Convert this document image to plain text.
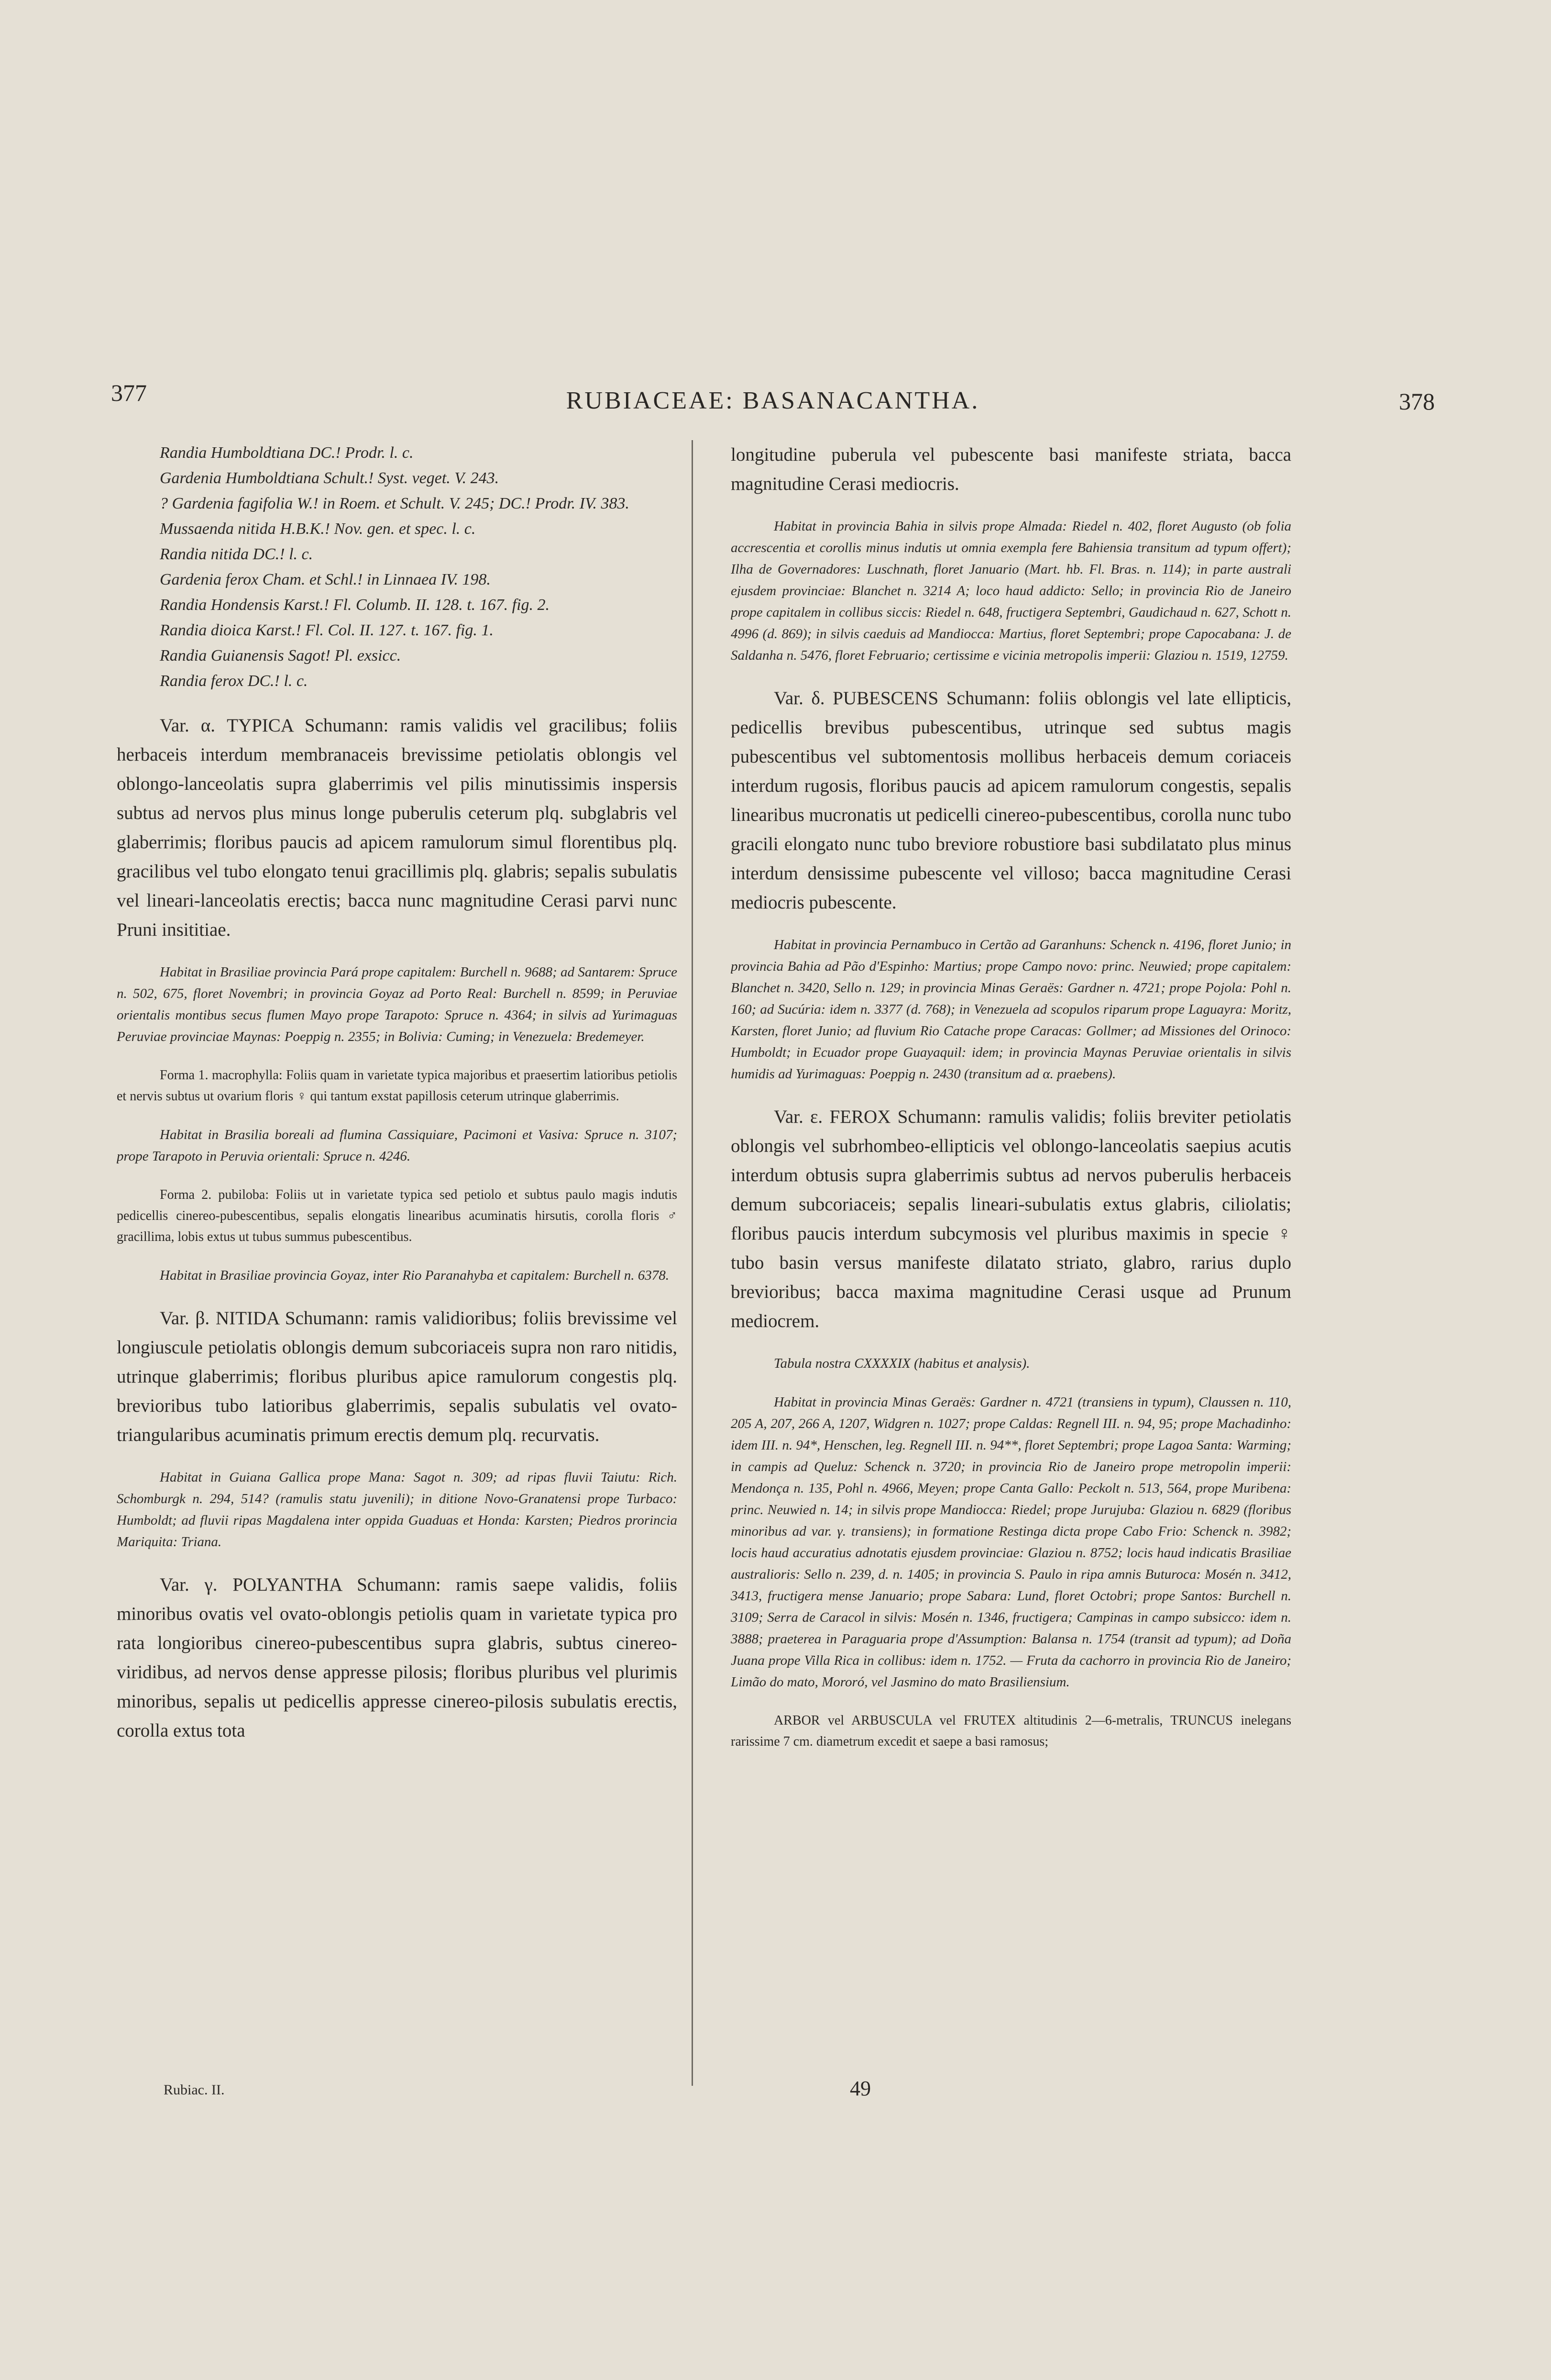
377	RUBIACEAE: BASANACANTHA.	378

Randia Humboldtiana DC.! Prodr. l. c.

Gardenia Humboldtiana Schult.! Syst. veget. V. 243.

? Gardenia fagifolia W.! in Roem. et Schult. V. 245; DC.! Prodr. IV. 383.

Mussaenda nitida H.B.K.! Nov. gen. et spec. l. c.

Randia nitida DC.! l. c.

Gardenia ferox Cham. et Schl.! in Linnaea IV. 198.

Randia Hondensis Karst.! Fl. Columb. II. 128. t. 167. fig. 2.

Randia dioica Karst.! Fl. Col. II. 127. t. 167. fig. 1.

Randia Guianensis Sagot! Pl. exsicc.

Randia ferox DC.! l. c.

Var. α. TYPICA Schumann: ramis validis vel gracilibus; foliis herbaceis interdum membranaceis brevissime petiolatis oblongis vel oblongo-lanceolatis supra glaberrimis vel pilis minutissimis inspersis subtus ad nervos plus minus longe puberulis ceterum plq. subglabris vel glaberrimis; floribus paucis ad apicem ramulorum simul florentibus plq. gracilibus vel tubo elongato tenui gracillimis plq. glabris; sepalis subulatis vel lineari-lanceolatis erectis; bacca nunc magnitudine Cerasi parvi nunc Pruni insititiae.

Habitat in Brasiliae provincia Pará prope capitalem: Burchell n. 9688; ad Santarem: Spruce n. 502, 675, floret Novembri; in provincia Goyaz ad Porto Real: Burchell n. 8599; in Peruviae orientalis montibus secus flumen Mayo prope Tarapoto: Spruce n. 4364; in silvis ad Yurimaguas Peruviae provinciae Maynas: Poeppig n. 2355; in Bolivia: Cuming; in Venezuela: Bredemeyer.

Forma 1. macrophylla: Foliis quam in varietate typica majoribus et praesertim latioribus petiolis et nervis subtus ut ovarium floris ♀ qui tantum exstat papillosis ceterum utrinque glaberrimis.

Habitat in Brasilia boreali ad flumina Cassiquiare, Pacimoni et Vasiva: Spruce n. 3107; prope Tarapoto in Peruvia orientali: Spruce n. 4246.

Forma 2. pubiloba: Foliis ut in varietate typica sed petiolo et subtus paulo magis indutis pedicellis cinereo-pubescentibus, sepalis elongatis linearibus acuminatis hirsutis, corolla floris ♂ gracillima, lobis extus ut tubus summus pubescentibus.

Habitat in Brasiliae provincia Goyaz, inter Rio Paranahyba et capitalem: Burchell n. 6378.

Var. β. NITIDA Schumann: ramis validioribus; foliis brevissime vel longiuscule petiolatis oblongis demum subcoriaceis supra non raro nitidis, utrinque glaberrimis; floribus pluribus apice ramulorum congestis plq. brevioribus tubo latioribus glaberrimis, sepalis subulatis vel ovato-triangularibus acuminatis primum erectis demum plq. recurvatis.

Habitat in Guiana Gallica prope Mana: Sagot n. 309; ad ripas fluvii Taiutu: Rich. Schomburgk n. 294, 514? (ramulis statu juvenili); in ditione Novo-Granatensi prope Turbaco: Humboldt; ad fluvii ripas Magdalena inter oppida Guaduas et Honda: Karsten; Piedros prorincia Mariquita: Triana.

Var. γ. POLYANTHA Schumann: ramis saepe validis, foliis minoribus ovatis vel ovato-oblongis petiolis quam in varietate typica pro rata longioribus cinereo-pubescentibus supra glabris, subtus cinereo-viridibus, ad nervos dense appresse pilosis; floribus pluribus vel plurimis minoribus, sepalis ut pedicellis appresse cinereo-pilosis subulatis erectis, corolla extus tota

longitudine puberula vel pubescente basi manifeste striata, bacca magnitudine Cerasi mediocris.

Habitat in provincia Bahia in silvis prope Almada: Riedel n. 402, floret Augusto (ob folia accrescentia et corollis minus indutis ut omnia exempla fere Bahiensia transitum ad typum offert); Ilha de Governadores: Luschnath, floret Januario (Mart. hb. Fl. Bras. n. 114); in parte australi ejusdem provinciae: Blanchet n. 3214 A; loco haud addicto: Sello; in provincia Rio de Janeiro prope capitalem in collibus siccis: Riedel n. 648, fructigera Septembri, Gaudichaud n. 627, Schott n. 4996 (d. 869); in silvis caeduis ad Mandiocca: Martius, floret Septembri; prope Capocabana: J. de Saldanha n. 5476, floret Februario; certissime e vicinia metropolis imperii: Glaziou n. 1519, 12759.

Var. δ. PUBESCENS Schumann: foliis oblongis vel late ellipticis, pedicellis brevibus pubescentibus, utrinque sed subtus magis pubescentibus vel subtomentosis mollibus herbaceis demum coriaceis interdum rugosis, floribus paucis ad apicem ramulorum congestis, sepalis linearibus mucronatis ut pedicelli cinereo-pubescentibus, corolla nunc tubo gracili elongato nunc tubo breviore robustiore basi subdilatato plus minus interdum densissime pubescente vel villoso; bacca magnitudine Cerasi mediocris pubescente.

Habitat in provincia Pernambuco in Certão ad Garanhuns: Schenck n. 4196, floret Junio; in provincia Bahia ad Pão d'Espinho: Martius; prope Campo novo: princ. Neuwied; prope capitalem: Blanchet n. 3420, Sello n. 129; in provincia Minas Geraës: Gardner n. 4721; prope Pojola: Pohl n. 160; ad Sucúria: idem n. 3377 (d. 768); in Venezuela ad scopulos riparum prope Laguayra: Moritz, Karsten, floret Junio; ad fluvium Rio Catache prope Caracas: Gollmer; ad Missiones del Orinoco: Humboldt; in Ecuador prope Guayaquil: idem; in provincia Maynas Peruviae orientalis in silvis humidis ad Yurimaguas: Poeppig n. 2430 (transitum ad α. praebens).

Var. ε. FEROX Schumann: ramulis validis; foliis breviter petiolatis oblongis vel subrhombeo-ellipticis vel oblongo-lanceolatis saepius acutis interdum obtusis supra glaberrimis subtus ad nervos puberulis herbaceis demum subcoriaceis; sepalis lineari-subulatis extus glabris, ciliolatis; floribus paucis interdum subcymosis vel pluribus maximis in specie ♀ tubo basin versus manifeste dilatato striato, glabro, rarius duplo brevioribus; bacca maxima magnitudine Cerasi usque ad Prunum mediocrem.

Tabula nostra CXXXXIX (habitus et analysis).

Habitat in provincia Minas Geraës: Gardner n. 4721 (transiens in typum), Claussen n. 110, 205 A, 207, 266 A, 1207, Widgren n. 1027; prope Caldas: Regnell III. n. 94, 95; prope Machadinho: idem III. n. 94*, Henschen, leg. Regnell III. n. 94**, floret Septembri; prope Lagoa Santa: Warming; in campis ad Queluz: Schenck n. 3720; in provincia Rio de Janeiro prope metropolin imperii: Mendonça n. 135, Pohl n. 4966, Meyen; prope Canta Gallo: Peckolt n. 513, 564, prope Muribena: princ. Neuwied n. 14; in silvis prope Mandiocca: Riedel; prope Jurujuba: Glaziou n. 6829 (floribus minoribus ad var. γ. transiens); in formatione Restinga dicta prope Cabo Frio: Schenck n. 3982; locis haud accuratius adnotatis ejusdem provinciae: Glaziou n. 8752; locis haud indicatis Brasiliae australioris: Sello n. 239, d. n. 1405; in provincia S. Paulo in ripa amnis Buturoca: Mosén n. 3412, 3413, fructigera mense Januario; prope Sabara: Lund, floret Octobri; prope Santos: Burchell n. 3109; Serra de Caracol in silvis: Mosén n. 1346, fructigera; Campinas in campo subsicco: idem n. 3888; praeterea in Paraguaria prope d'Assumption: Balansa n. 1754 (transit ad typum); ad Doña Juana prope Villa Rica in collibus: idem n. 1752. — Fruta da cachorro in provincia Rio de Janeiro; Limão do mato, Mororó, vel Jasmino do mato Brasiliensium.

ARBOR vel ARBUSCULA vel FRUTEX altitudinis 2—6-metralis, TRUNCUS inelegans rarissime 7 cm. diametrum excedit et saepe a basi ramosus;

Rubiac. II.	49
